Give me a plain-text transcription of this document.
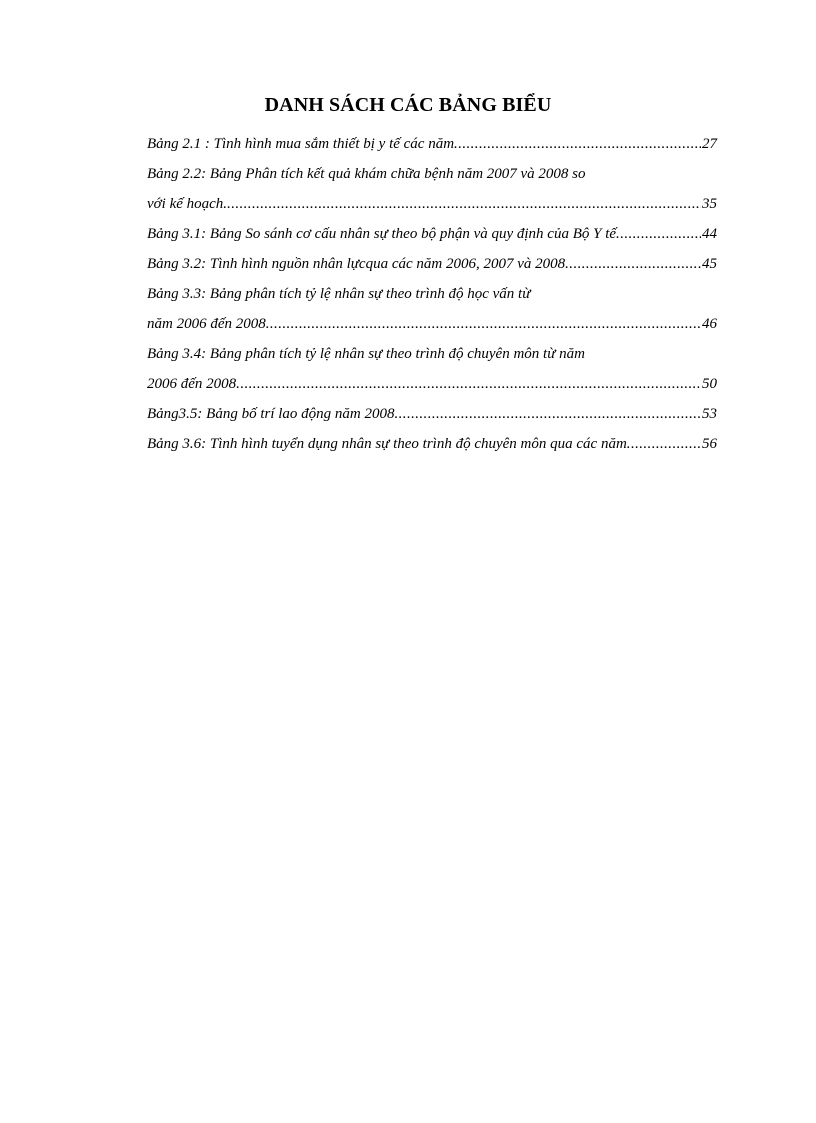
DANH SÁCH CÁC BẢNG BIỂU
Bảng 2.1 : Tình hình mua sắm thiết bị y tế các năm .....	27
Bảng 2.2: Bảng Phân tích kết quả khám chữa bệnh năm 2007 và 2008 so
với kế hoạch. .....	35
Bảng 3.1: Bảng So sánh cơ cấu nhân sự theo bộ phận và quy định của Bộ Y tế .....	44
Bảng 3.2: Tình hình nguồn nhân lựcqua các năm 2006, 2007 và 2008 .....	45
Bảng 3.3: Bảng phân tích tỷ lệ nhân sự theo trình độ học vấn từ
năm 2006 đến 2008 .....	46
Bảng 3.4: Bảng phân tích tỷ lệ nhân sự theo trình độ chuyên môn từ năm
2006 đến 2008 .....	50
Bảng3.5: Bảng bố trí lao động năm 2008 .....	53
Bảng 3.6: Tình hình tuyển dụng nhân sự theo trình độ chuyên môn qua các năm .....	56
